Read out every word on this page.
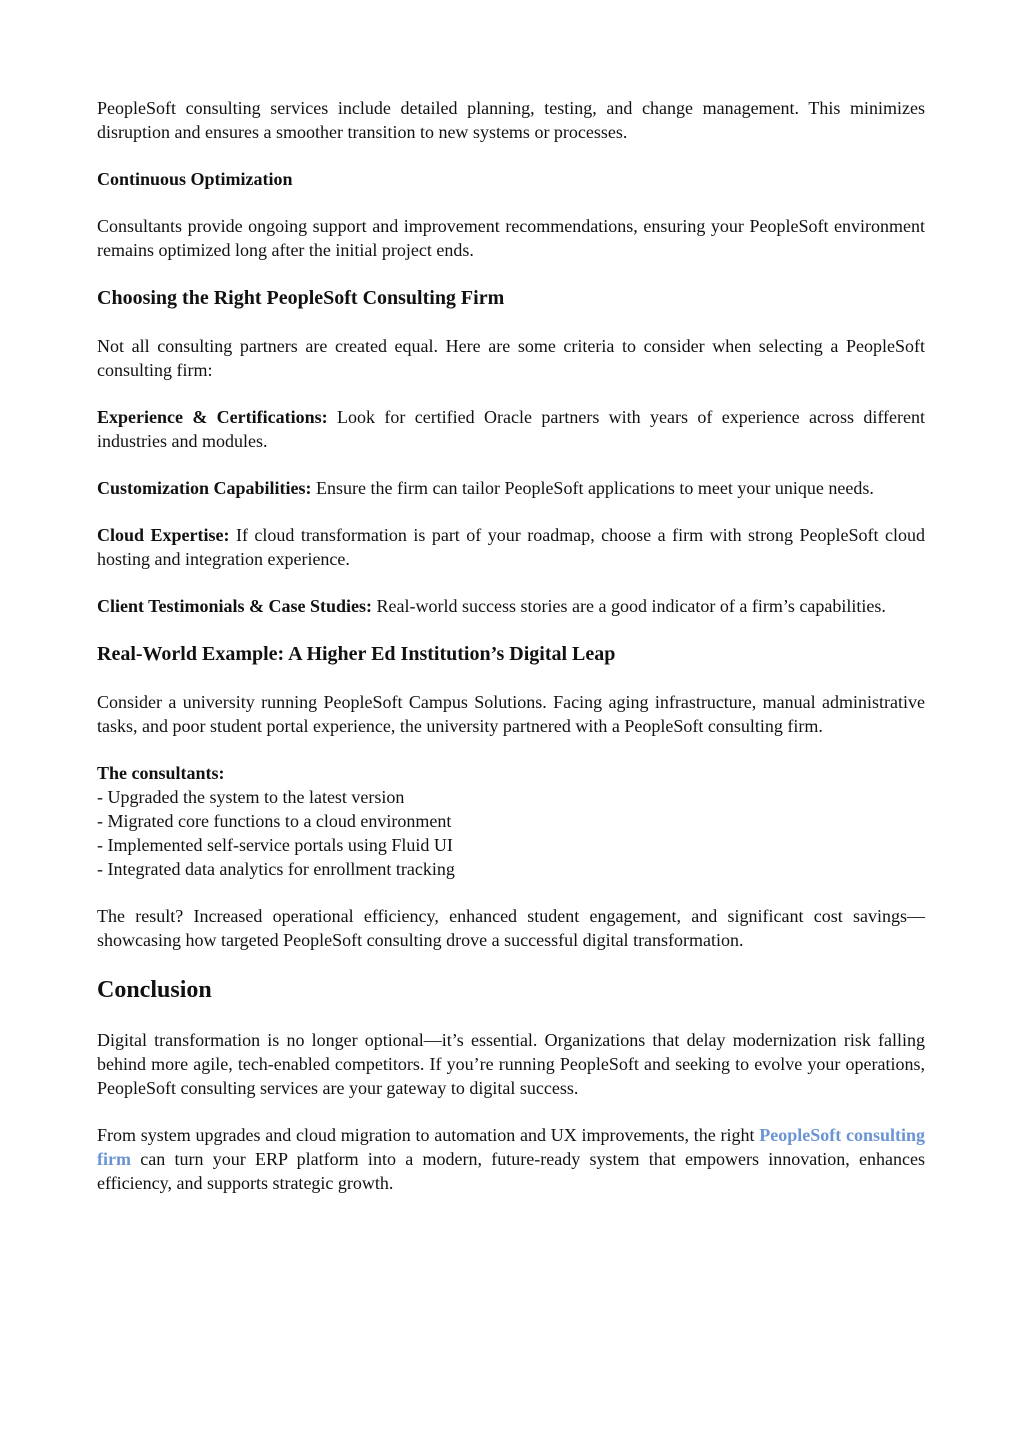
PeopleSoft consulting services include detailed planning, testing, and change management. This minimizes disruption and ensures a smoother transition to new systems or processes.

Continuous Optimization

Consultants provide ongoing support and improvement recommendations, ensuring your PeopleSoft environment remains optimized long after the initial project ends.

Choosing the Right PeopleSoft Consulting Firm

Not all consulting partners are created equal. Here are some criteria to consider when selecting a PeopleSoft consulting firm:

Experience & Certifications: Look for certified Oracle partners with years of experience across different industries and modules.

Customization Capabilities: Ensure the firm can tailor PeopleSoft applications to meet your unique needs.

Cloud Expertise: If cloud transformation is part of your roadmap, choose a firm with strong PeopleSoft cloud hosting and integration experience.

Client Testimonials & Case Studies: Real-world success stories are a good indicator of a firm’s capabilities.

Real-World Example: A Higher Ed Institution’s Digital Leap

Consider a university running PeopleSoft Campus Solutions. Facing aging infrastructure, manual administrative tasks, and poor student portal experience, the university partnered with a PeopleSoft consulting firm.

The consultants:
- Upgraded the system to the latest version
- Migrated core functions to a cloud environment
- Implemented self-service portals using Fluid UI
- Integrated data analytics for enrollment tracking

The result? Increased operational efficiency, enhanced student engagement, and significant cost savings—showcasing how targeted PeopleSoft consulting drove a successful digital transformation.

Conclusion

Digital transformation is no longer optional—it’s essential. Organizations that delay modernization risk falling behind more agile, tech-enabled competitors. If you’re running PeopleSoft and seeking to evolve your operations, PeopleSoft consulting services are your gateway to digital success.

From system upgrades and cloud migration to automation and UX improvements, the right PeopleSoft consulting firm can turn your ERP platform into a modern, future-ready system that empowers innovation, enhances efficiency, and supports strategic growth.
